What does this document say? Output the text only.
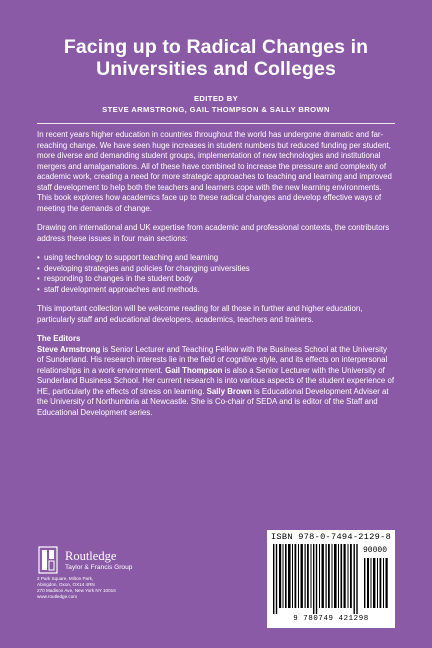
Facing up to Radical Changes in
Universities and Colleges
EDITED BY
STEVE ARMSTRONG, GAIL THOMPSON & SALLY BROWN

In recent years higher education in countries throughout the world has undergone dramatic and far-reaching change. We have seen huge increases in student numbers but reduced funding per student, more diverse and demanding student groups, implementation of new technologies and institutional mergers and amalgamations. All of these have combined to increase the pressure and complexity of academic work, creating a need for more strategic approaches to teaching and learning and improved staff development to help both the teachers and learners cope with the new learning environments. This book explores how academics face up to these radical changes and develop effective ways of meeting the demands of change.

Drawing on international and UK expertise from academic and professional contexts, the contributors address these issues in four main sections:

• using technology to support teaching and learning
• developing strategies and policies for changing universities
• responding to changes in the student body
• staff development approaches and methods.

This important collection will be welcome reading for all those in further and higher education, particularly staff and educational developers, academics, teachers and trainers.

The Editors

Steve Armstrong is Senior Lecturer and Teaching Fellow with the Business School at the University of Sunderland. His research interests lie in the field of cognitive style, and its effects on interpersonal relationships in a work environment. Gail Thompson is also a Senior Lecturer with the University of Sunderland Business School. Her current research is into various aspects of the student experience of HE, particularly the effects of stress on learning. Sally Brown is Educational Development Adviser at the University of Northumbria at Newcastle. She is Co-chair of SEDA and is editor of the Staff and Educational Development series.

Routledge
Taylor & Francis Group
2 Park Square, Milton Park,
Abingdon, Oxon, OX14 4RN
270 Madison Ave, New York NY 10016
www.routledge.com
ISBN 978-0-7494-2129-8
90000
9 780749 421298
